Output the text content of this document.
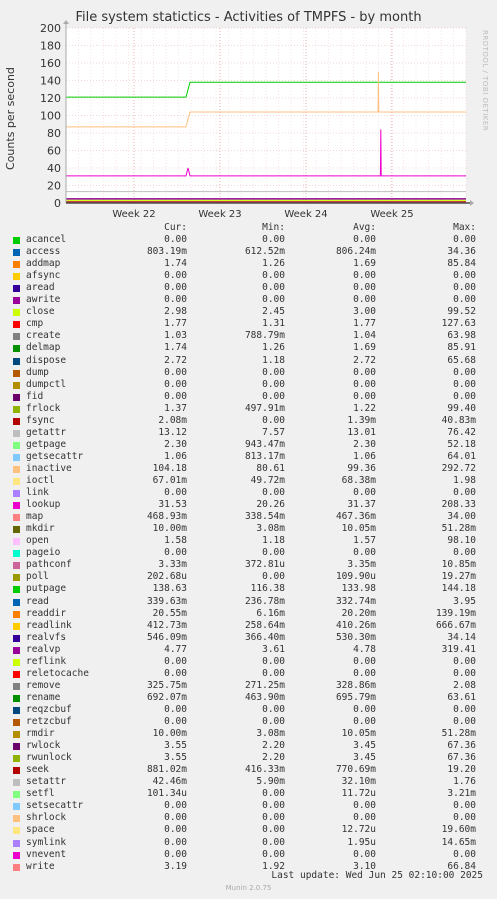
File system statictics - Activities of TMPFS - by month
Counts per second	RRDTOOL / TOBI OETIKER
0
20
40
60
80
100
120
140
160
180
200
Week 22	Week 23	Week 24	Week 25
Cur:	Min:	Avg:	Max:
acancel	0.00	0.00	0.00	0.00
access	803.19m	612.52m	806.24m	34.36
addmap	1.74	1.26	1.69	85.84
afsync	0.00	0.00	0.00	0.00
aread	0.00	0.00	0.00	0.00
awrite	0.00	0.00	0.00	0.00
close	2.98	2.45	3.00	99.52
cmp	1.77	1.31	1.77	127.63
create	1.03	788.79m	1.04	63.98
delmap	1.74	1.26	1.69	85.91
dispose	2.72	1.18	2.72	65.68
dump	0.00	0.00	0.00	0.00
dumpctl	0.00	0.00	0.00	0.00
fid	0.00	0.00	0.00	0.00
frlock	1.37	497.91m	1.22	99.40
fsync	2.08m	0.00	1.39m	40.83m
getattr	13.12	7.57	13.01	76.42
getpage	2.30	943.47m	2.30	52.18
getsecattr	1.06	813.17m	1.06	64.01
inactive	104.18	80.61	99.36	292.72
ioctl	67.01m	49.72m	68.38m	1.98
link	0.00	0.00	0.00	0.00
lookup	31.53	20.26	31.37	208.33
map	468.93m	338.54m	467.36m	34.00
mkdir	10.00m	3.08m	10.05m	51.28m
open	1.58	1.18	1.57	98.10
pageio	0.00	0.00	0.00	0.00
pathconf	3.33m	372.81u	3.35m	10.85m
poll	202.68u	0.00	109.90u	19.27m
putpage	138.63	116.38	133.98	144.18
read	339.63m	236.78m	332.74m	3.95
readdir	20.55m	6.16m	20.20m	139.19m
readlink	412.73m	258.64m	410.26m	666.67m
realvfs	546.09m	366.40m	530.30m	34.14
realvp	4.77	3.61	4.78	319.41
reflink	0.00	0.00	0.00	0.00
reletocache	0.00	0.00	0.00	0.00
remove	325.75m	271.25m	328.86m	2.08
rename	692.07m	463.90m	695.79m	63.61
reqzcbuf	0.00	0.00	0.00	0.00
retzcbuf	0.00	0.00	0.00	0.00
rmdir	10.00m	3.08m	10.05m	51.28m
rwlock	3.55	2.20	3.45	67.36
rwunlock	3.55	2.20	3.45	67.36
seek	881.02m	416.33m	770.69m	19.20
setattr	42.46m	5.90m	32.10m	1.76
setfl	101.34u	0.00	11.72u	3.21m
setsecattr	0.00	0.00	0.00	0.00
shrlock	0.00	0.00	0.00	0.00
space	0.00	0.00	12.72u	19.60m
symlink	0.00	0.00	1.95u	14.65m
vnevent	0.00	0.00	0.00	0.00
write	3.19	1.92	3.10	66.84
Last update: Wed Jun 25 02:10:00 2025
Munin 2.0.75
